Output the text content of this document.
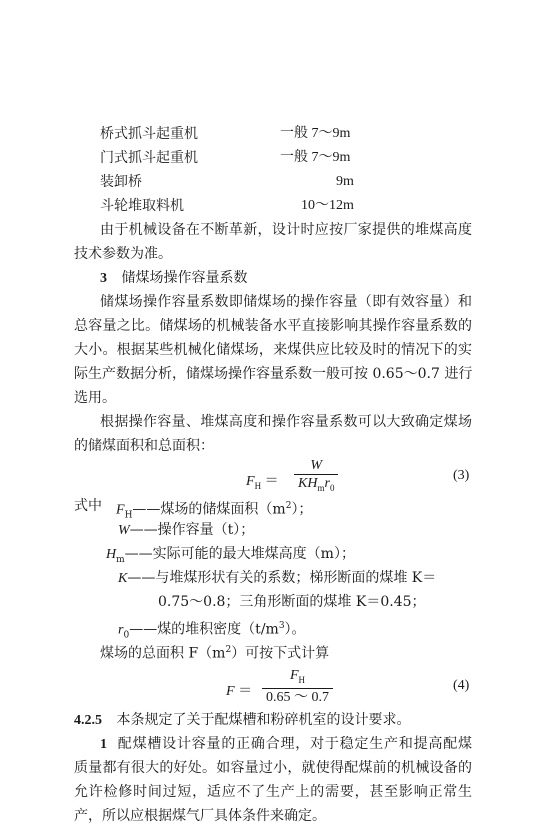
桥式抓斗起重机	一般 7～9m
门式抓斗起重机	一般 7～9m
装卸桥	9m
斗轮堆取料机	10～12m
由于机械设备在不断革新，设计时应按厂家提供的堆煤高度
技术参数为准。
3 储煤场操作容量系数
储煤场操作容量系数即储煤场的操作容量（即有效容量）和
总容量之比。储煤场的机械装备水平直接影响其操作容量系数的
大小。根据某些机械化储煤场，来煤供应比较及时的情况下的实
际生产数据分析，储煤场操作容量系数一般可按 0.65～0.7 进行
选用。
根据操作容量、堆煤高度和操作容量系数可以大致确定煤场
的储煤面积和总面积：
$F_H$ ＝
W
$KH_mr_0$
(3)
式中 $F_H——$煤场的储煤面积$(m^2)$；
W——操作容量（t）；
$H_m——$实际可能的最大堆煤高度（m）；
K——与堆煤形状有关的系数；梯形断面的煤堆 K＝
0.75～0.8；三角形断面的煤堆 K＝0.45；
$r_0——$煤的堆积密度$(t/m^3)$。
煤场的总面积 $F(m^2)$可按下式计算
F ＝
$F_H$
0.65 ～ 0.7
(4)
4.2.5 本条规定了关于配煤槽和粉碎机室的设计要求。
1 配煤槽设计容量的正确合理，对于稳定生产和提高配煤
质量都有很大的好处。如容量过小，就使得配煤前的机械设备的
允许检修时间过短，适应不了生产上的需要，甚至影响正常生
产，所以应根据煤气厂具体条件来确定。
